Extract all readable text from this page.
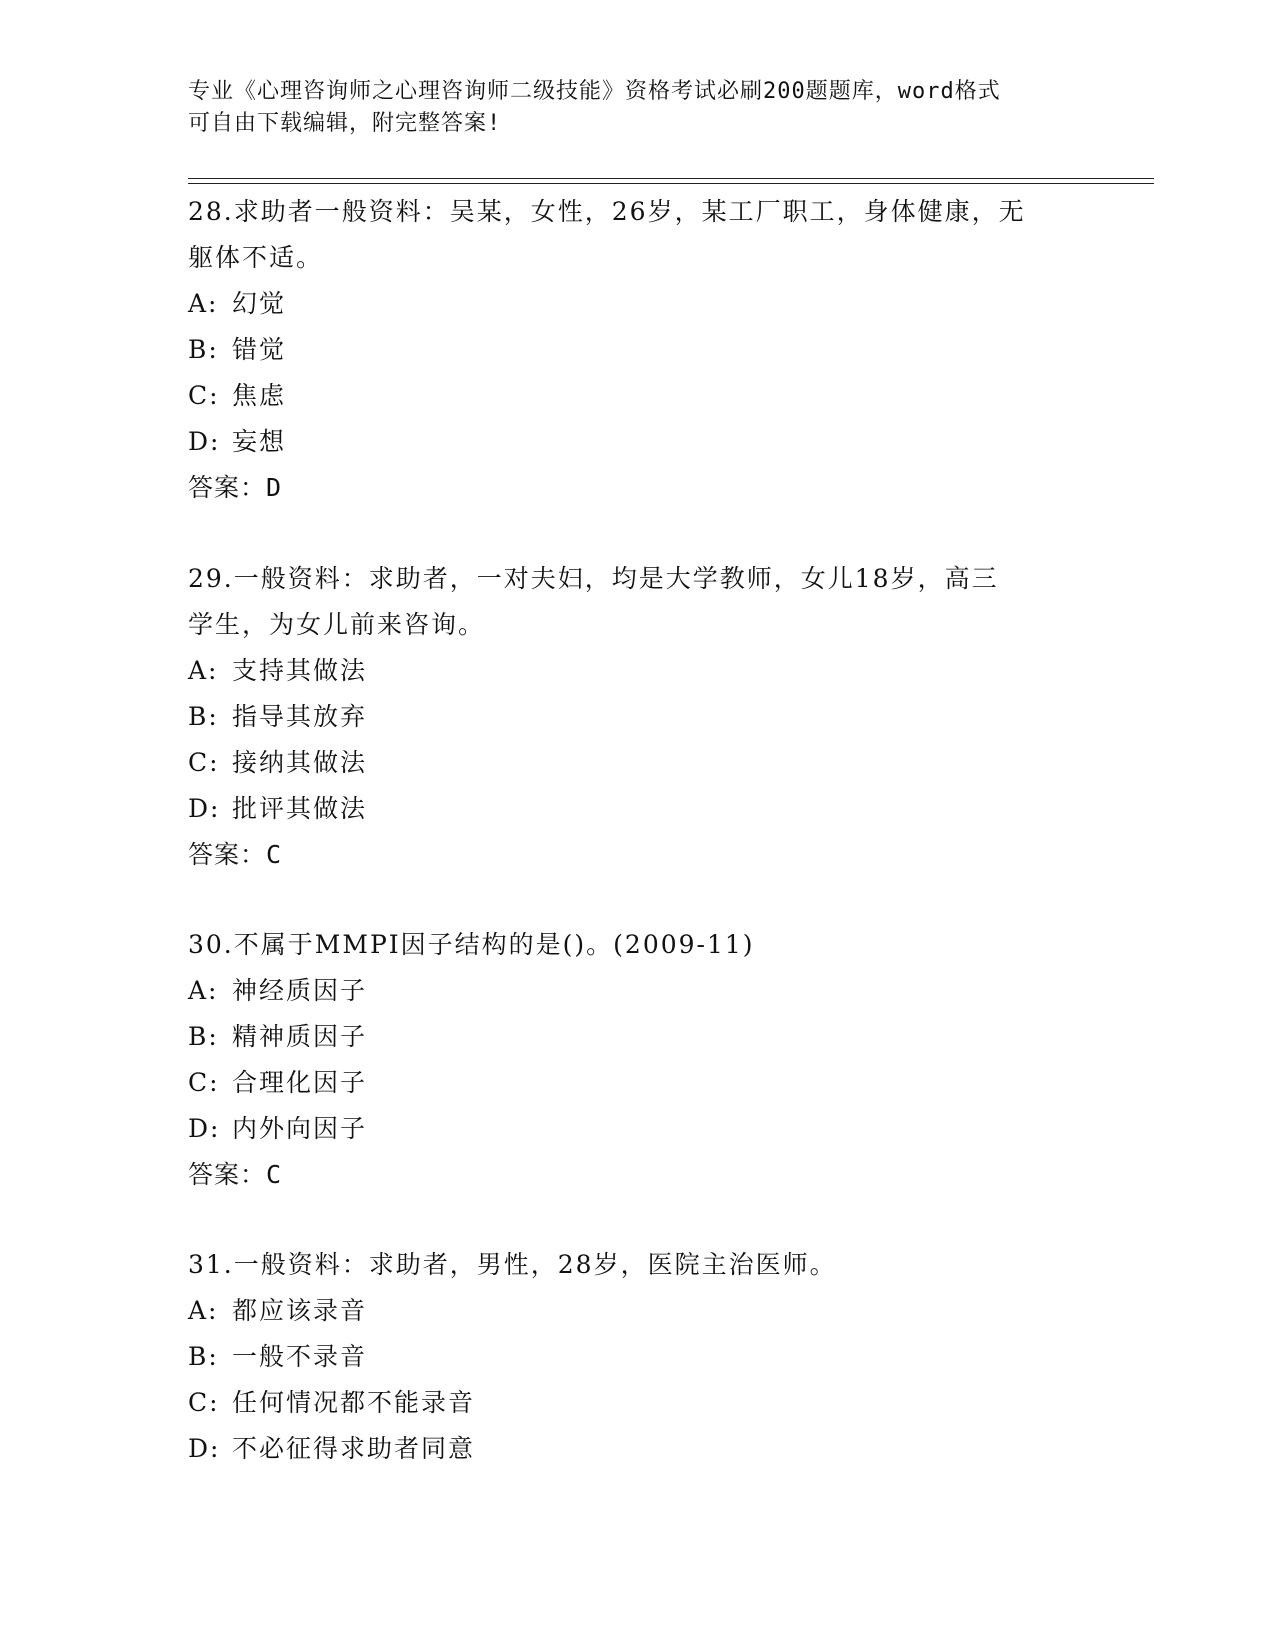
专业《心理咨询师之心理咨询师二级技能》资格考试必刷200题题库，word格式
可自由下载编辑，附完整答案!
28.求助者一般资料：吴某，女性，26岁，某工厂职工，身体健康，无
躯体不适。
A: 幻觉
B: 错觉
C: 焦虑
D: 妄想
答案：D
29.一般资料：求助者，一对夫妇，均是大学教师，女儿18岁，高三
学生，为女儿前来咨询。
A: 支持其做法
B: 指导其放弃
C: 接纳其做法
D: 批评其做法
答案：C
30.不属于MMPI因子结构的是()。(2009-11)
A: 神经质因子
B: 精神质因子
C: 合理化因子
D: 内外向因子
答案：C
31.一般资料：求助者，男性，28岁，医院主治医师。
A: 都应该录音
B: 一般不录音
C: 任何情况都不能录音
D: 不必征得求助者同意
